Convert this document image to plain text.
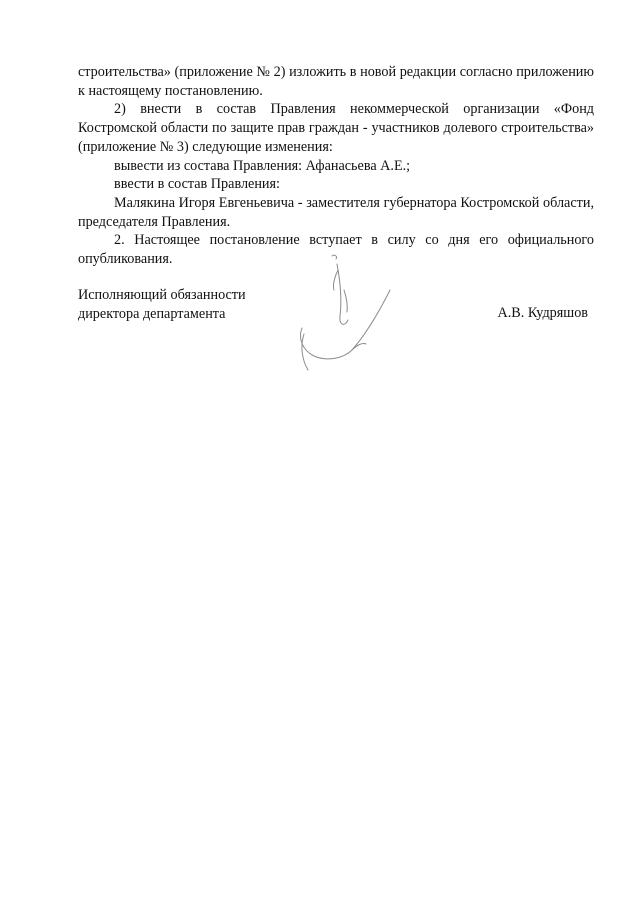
строительства» (приложение № 2) изложить в новой редакции согласно приложению к настоящему постановлению.

2) внести в состав Правления некоммерческой организации «Фонд Костромской области по защите прав граждан - участников долевого строительства» (приложение № 3) следующие изменения:

вывести из состава Правления: Афанасьева А.Е.;

ввести в состав Правления:

Малякина Игоря Евгеньевича - заместителя губернатора Костромской области, председателя Правления.

2. Настоящее постановление вступает в силу со дня его официального опубликования.

Исполняющий обязанности
директора департамента	А.В. Кудряшов
